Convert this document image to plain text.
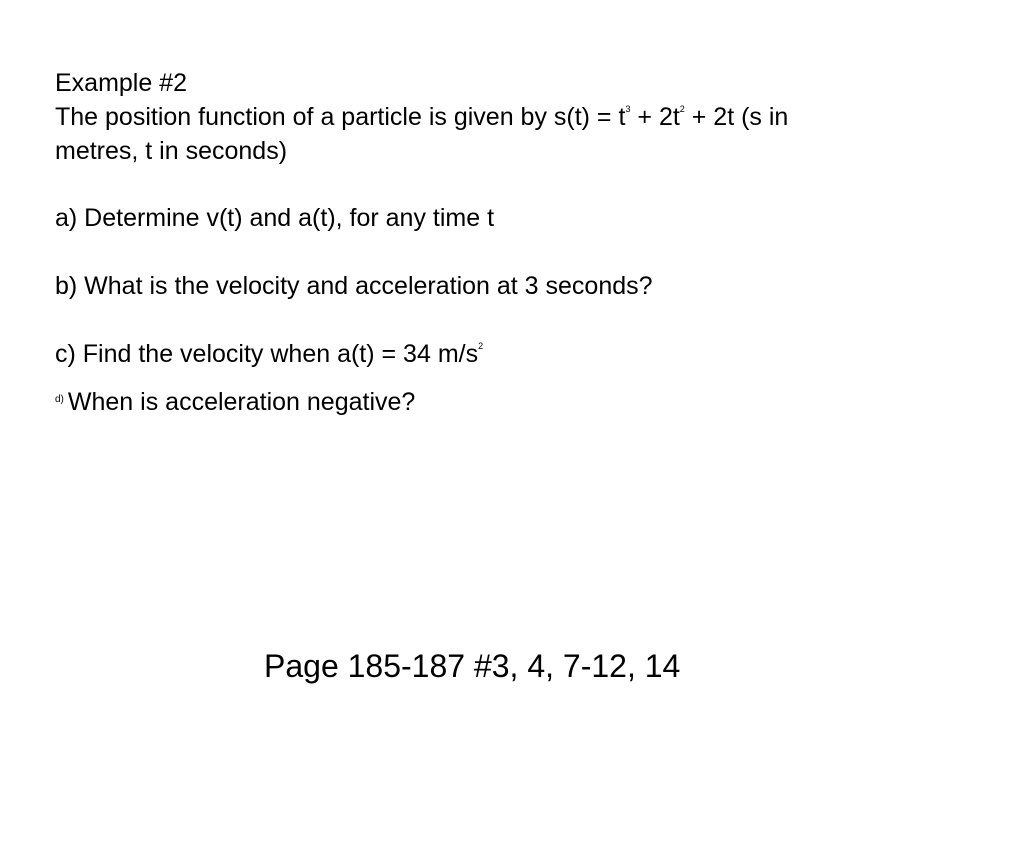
Example #2
The position function of a particle is given by $s(t) = t^3 + 2t^2 + 2t$ (s in
metres, t in seconds)
a) Determine v(t) and a(t), for any time t
b) What is the velocity and acceleration at 3 seconds?
c) Find the velocity when a(t) = 34 $m/s^2$
$^{d)}$ When is acceleration negative?
Page 185-187 #3, 4, 7-12, 14
